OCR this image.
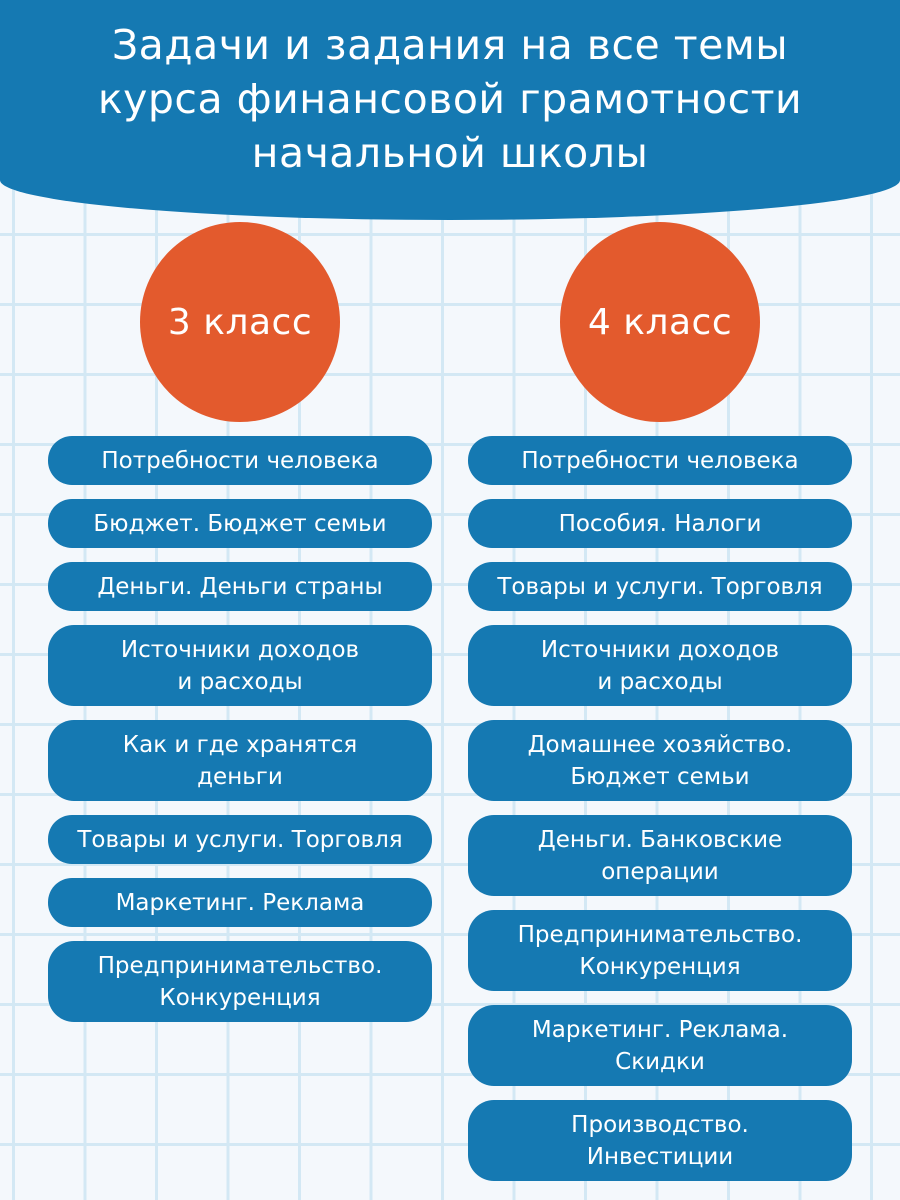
Задачи и задания на все темы
курса финансовой грамотности
начальной школы
3 класс
Потребности человека
Бюджет. Бюджет семьи
Деньги. Деньги страны
Источники доходов
и расходы
Как и где хранятся
деньги
Товары и услуги. Торговля
Маркетинг. Реклама
Предпринимательство.
Конкуренция
4 класс
Потребности человека
Пособия. Налоги
Товары и услуги. Торговля
Источники доходов
и расходы
Домашнее хозяйство.
Бюджет семьи
Деньги. Банковские
операции
Предпринимательство.
Конкуренция
Маркетинг. Реклама.
Скидки
Производство.
Инвестиции
